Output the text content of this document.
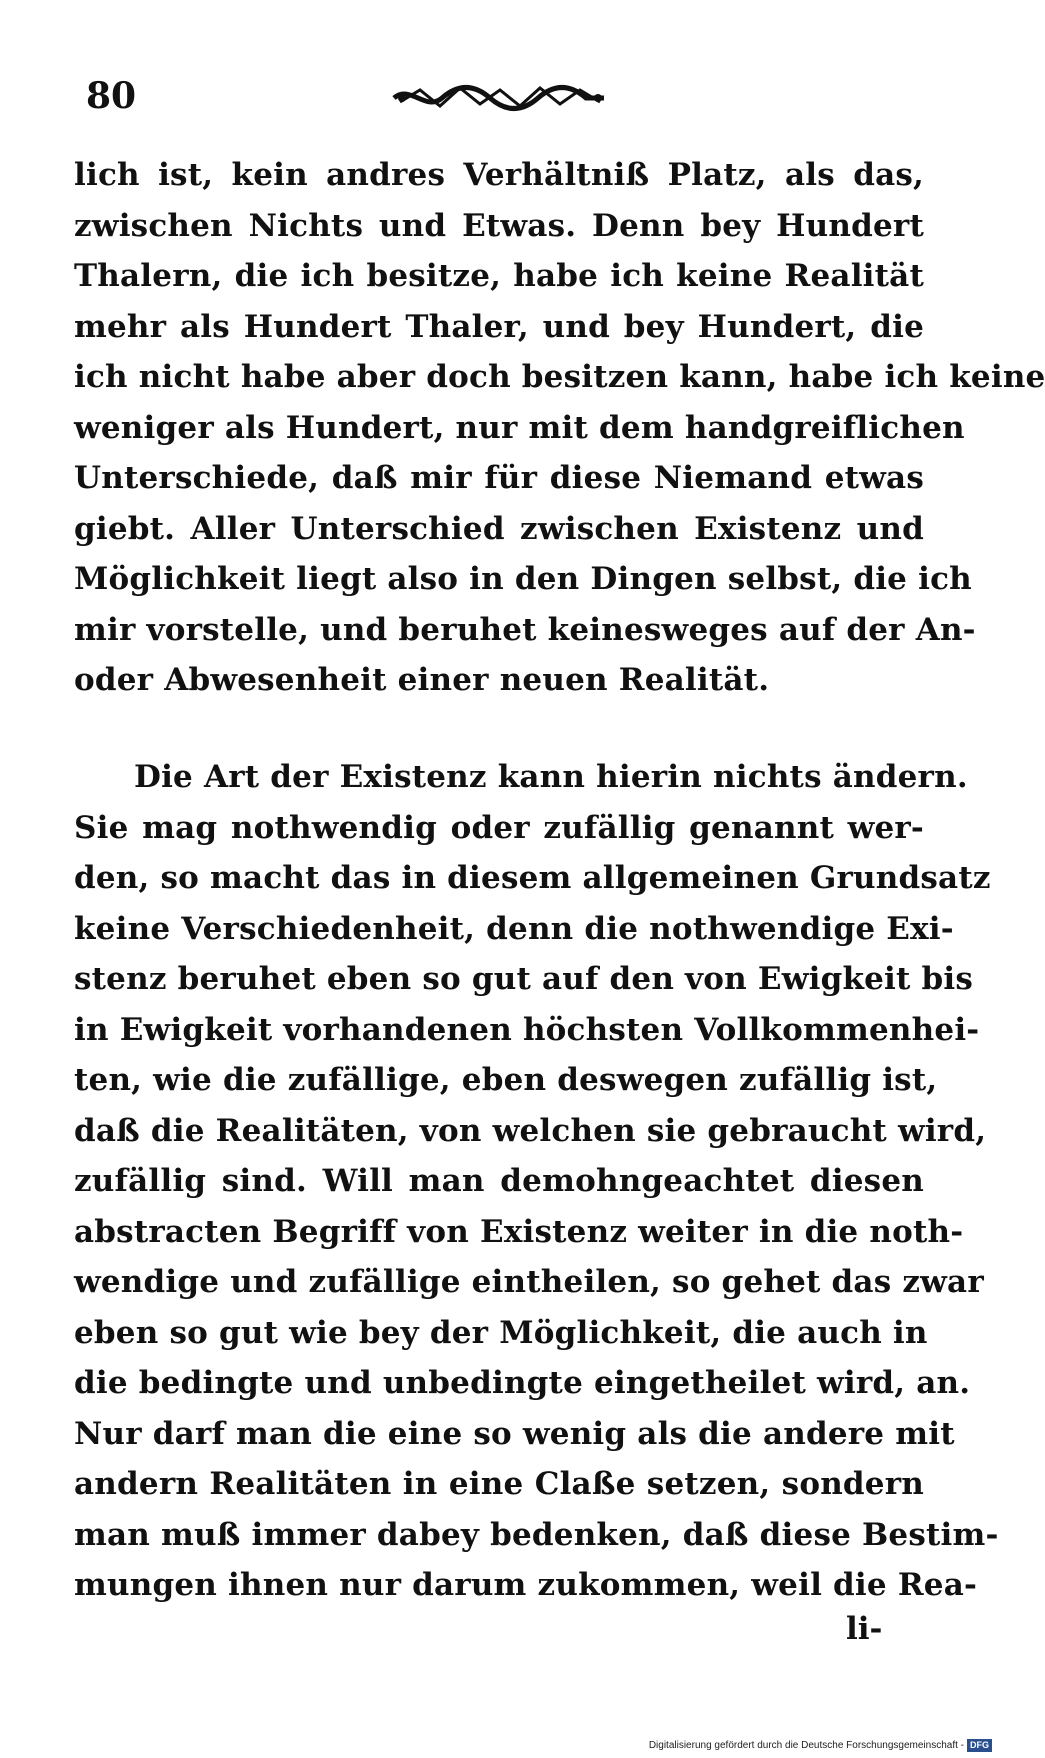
80
lich ist, kein andres Verhältniß Platz, als das,
zwischen Nichts und Etwas. Denn bey Hundert
Thalern, die ich besitze, habe ich keine Realität
mehr als Hundert Thaler, und bey Hundert, die
ich nicht habe aber doch besitzen kann, habe ich keine
weniger als Hundert, nur mit dem handgreiflichen
Unterschiede, daß mir für diese Niemand etwas
giebt. Aller Unterschied zwischen Existenz und
Möglichkeit liegt also in den Dingen selbst, die ich
mir vorstelle, und beruhet keinesweges auf der An-
oder Abwesenheit einer neuen Realität.
Die Art der Existenz kann hierin nichts ändern.
Sie mag nothwendig oder zufällig genannt wer-
den, so macht das in diesem allgemeinen Grundsatz
keine Verschiedenheit, denn die nothwendige Exi-
stenz beruhet eben so gut auf den von Ewigkeit bis
in Ewigkeit vorhandenen höchsten Vollkommenhei-
ten, wie die zufällige, eben deswegen zufällig ist,
daß die Realitäten, von welchen sie gebraucht wird,
zufällig sind. Will man demohngeachtet diesen
abstracten Begriff von Existenz weiter in die noth-
wendige und zufällige eintheilen, so gehet das zwar
eben so gut wie bey der Möglichkeit, die auch in
die bedingte und unbedingte eingetheilet wird, an.
Nur darf man die eine so wenig als die andere mit
andern Realitäten in eine Claße setzen, sondern
man muß immer dabey bedenken, daß diese Bestim-
mungen ihnen nur darum zukommen, weil die Rea-
li-
Digitalisierung gefördert durch die Deutsche Forschungsgemeinschaft - DFG
